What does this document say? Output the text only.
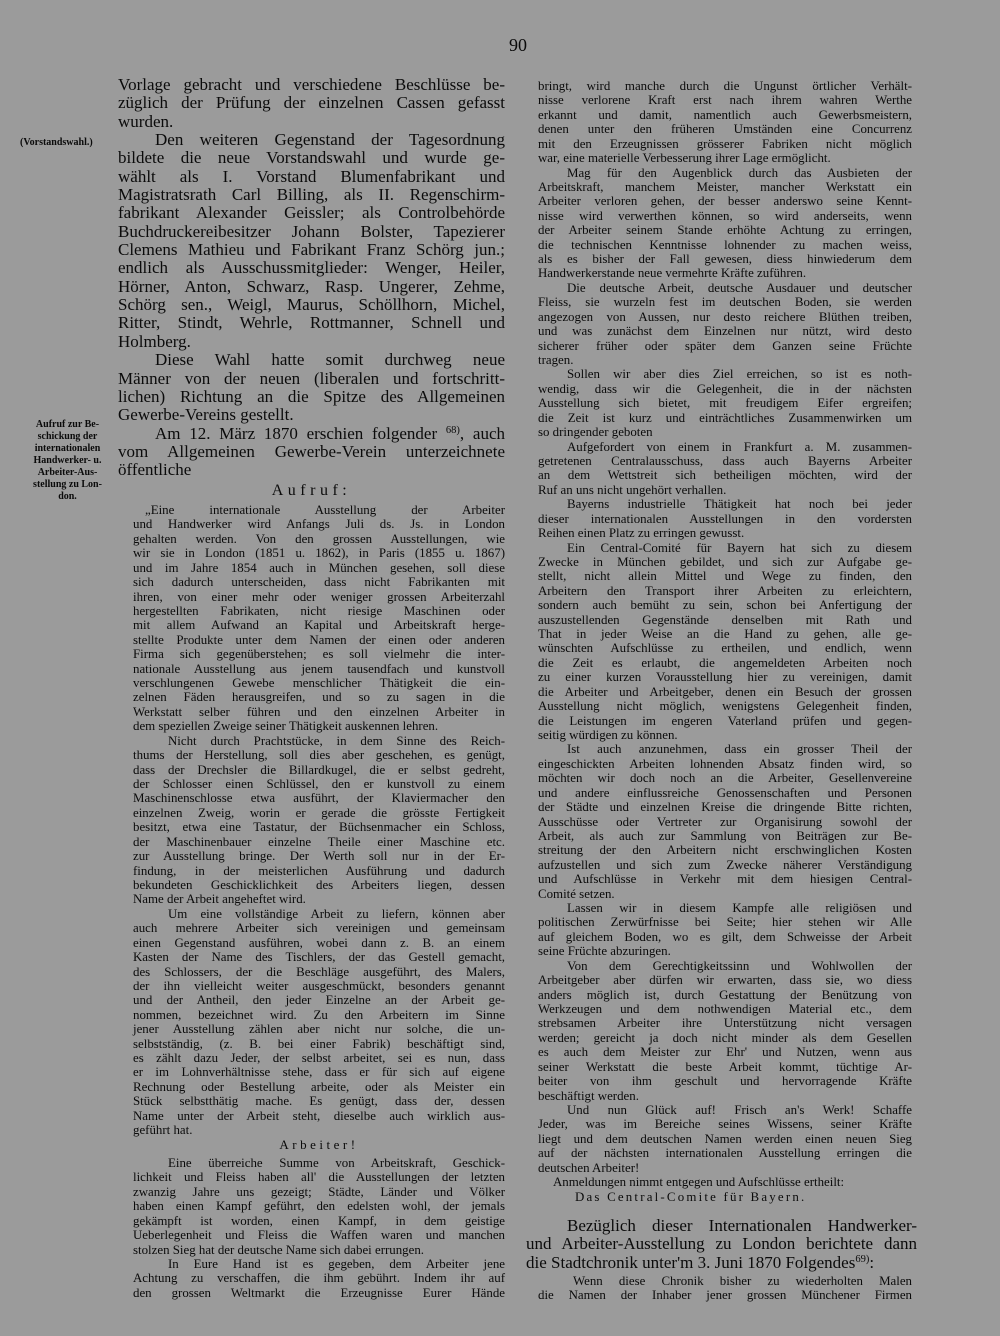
90
(Vorstandswahl.)
Aufruf zur Be-
schickung der
internationalen
Handwerker- u.
Arbeiter-Aus-
stellung zu Lon-
don.
Vorlage gebracht und verschiedene Beschlüsse be-
züglich der Prüfung der einzelnen Cassen gefasst
wurden.
Den weiteren Gegenstand der Tagesordnung
bildete die neue Vorstandswahl und wurde ge-
wählt als I. Vorstand Blumenfabrikant und
Magistratsrath Carl Billing, als II. Regenschirm-
fabrikant Alexander Geissler; als Controlbehörde
Buchdruckereibesitzer Johann Bolster, Tapezierer
Clemens Mathieu und Fabrikant Franz Schörg jun.;
endlich als Ausschussmitglieder: Wenger, Heiler,
Hörner, Anton, Schwarz, Rasp. Ungerer, Zehme,
Schörg sen., Weigl, Maurus, Schöllhorn, Michel,
Ritter, Stindt, Wehrle, Rottmanner, Schnell und
Holmberg.
Diese Wahl hatte somit durchweg neue
Männer von der neuen (liberalen und fortschritt-
lichen) Richtung an die Spitze des Allgemeinen
Gewerbe-Vereins gestellt.
Am 12. März 1870 erschien folgender $^{68)}$, auch
vom Allgemeinen Gewerbe-Verein unterzeichnete
öffentliche
Aufruf:
„Eine internationale Ausstellung der Arbeiter
und Handwerker wird Anfangs Juli ds. Js. in London
gehalten werden. Von den grossen Ausstellungen, wie
wir sie in London (1851 u. 1862), in Paris (1855 u. 1867)
und im Jahre 1854 auch in München gesehen, soll diese
sich dadurch unterscheiden, dass nicht Fabrikanten mit
ihren, von einer mehr oder weniger grossen Arbeiterzahl
hergestellten Fabrikaten, nicht riesige Maschinen oder
mit allem Aufwand an Kapital und Arbeitskraft herge-
stellte Produkte unter dem Namen der einen oder anderen
Firma sich gegenüberstehen; es soll vielmehr die inter-
nationale Ausstellung aus jenem tausendfach und kunstvoll
verschlungenen Gewebe menschlicher Thätigkeit die ein-
zelnen Fäden herausgreifen, und so zu sagen in die
Werkstatt selber führen und den einzelnen Arbeiter in
dem speziellen Zweige seiner Thätigkeit auskennen lehren.
Nicht durch Prachtstücke, in dem Sinne des Reich-
thums der Herstellung, soll dies aber geschehen, es genügt,
dass der Drechsler die Billardkugel, die er selbst gedreht,
der Schlosser einen Schlüssel, den er kunstvoll zu einem
Maschinenschlosse etwa ausführt, der Klaviermacher den
einzelnen Zweig, worin er gerade die grösste Fertigkeit
besitzt, etwa eine Tastatur, der Büchsenmacher ein Schloss,
der Maschinenbauer einzelne Theile einer Maschine etc.
zur Ausstellung bringe. Der Werth soll nur in der Er-
findung, in der meisterlichen Ausführung und dadurch
bekundeten Geschicklichkeit des Arbeiters liegen, dessen
Name der Arbeit angeheftet wird.
Um eine vollständige Arbeit zu liefern, können aber
auch mehrere Arbeiter sich vereinigen und gemeinsam
einen Gegenstand ausführen, wobei dann z. B. an einem
Kasten der Name des Tischlers, der das Gestell gemacht,
des Schlossers, der die Beschläge ausgeführt, des Malers,
der ihn vielleicht weiter ausgeschmückt, besonders genannt
und der Antheil, den jeder Einzelne an der Arbeit ge-
nommen, bezeichnet wird. Zu den Arbeitern im Sinne
jener Ausstellung zählen aber nicht nur solche, die un-
selbstständig, (z. B. bei einer Fabrik) beschäftigt sind,
es zählt dazu Jeder, der selbst arbeitet, sei es nun, dass
er im Lohnverhältnisse stehe, dass er für sich auf eigene
Rechnung oder Bestellung arbeite, oder als Meister ein
Stück selbstthätig mache. Es genügt, dass der, dessen
Name unter der Arbeit steht, dieselbe auch wirklich aus-
geführt hat.
Arbeiter!
Eine überreiche Summe von Arbeitskraft, Geschick-
lichkeit und Fleiss haben all' die Ausstellungen der letzten
zwanzig Jahre uns gezeigt; Städte, Länder und Völker
haben einen Kampf geführt, den edelsten wohl, der jemals
gekämpft ist worden, einen Kampf, in dem geistige
Ueberlegenheit und Fleiss die Waffen waren und manchen
stolzen Sieg hat der deutsche Name sich dabei errungen.
In Eure Hand ist es gegeben, dem Arbeiter jene
Achtung zu verschaffen, die ihm gebührt. Indem ihr auf
den grossen Weltmarkt die Erzeugnisse Eurer Hände
bringt, wird manche durch die Ungunst örtlicher Verhält-
nisse verlorene Kraft erst nach ihrem wahren Werthe
erkannt und damit, namentlich auch Gewerbsmeistern,
denen unter den früheren Umständen eine Concurrenz
mit den Erzeugnissen grösserer Fabriken nicht möglich
war, eine materielle Verbesserung ihrer Lage ermöglicht.
Mag für den Augenblick durch das Ausbieten der
Arbeitskraft, manchem Meister, mancher Werkstatt ein
Arbeiter verloren gehen, der besser anderswo seine Kennt-
nisse wird verwerthen können, so wird anderseits, wenn
der Arbeiter seinem Stande erhöhte Achtung zu erringen,
die technischen Kenntnisse lohnender zu machen weiss,
als es bisher der Fall gewesen, diess hinwiederum dem
Handwerkerstande neue vermehrte Kräfte zuführen.
Die deutsche Arbeit, deutsche Ausdauer und deutscher
Fleiss, sie wurzeln fest im deutschen Boden, sie werden
angezogen von Aussen, nur desto reichere Blüthen treiben,
und was zunächst dem Einzelnen nur nützt, wird desto
sicherer früher oder später dem Ganzen seine Früchte
tragen.
Sollen wir aber dies Ziel erreichen, so ist es noth-
wendig, dass wir die Gelegenheit, die in der nächsten
Ausstellung sich bietet, mit freudigem Eifer ergreifen;
die Zeit ist kurz und einträchtliches Zusammenwirken um
so dringender geboten
Aufgefordert von einem in Frankfurt a. M. zusammen-
getretenen Centralausschuss, dass auch Bayerns Arbeiter
an dem Wettstreit sich betheiligen möchten, wird der
Ruf an uns nicht ungehört verhallen.
Bayerns industrielle Thätigkeit hat noch bei jeder
dieser internationalen Ausstellungen in den vordersten
Reihen einen Platz zu erringen gewusst.
Ein Central-Comité für Bayern hat sich zu diesem
Zwecke in München gebildet, und sich zur Aufgabe ge-
stellt, nicht allein Mittel und Wege zu finden, den
Arbeitern den Transport ihrer Arbeiten zu erleichtern,
sondern auch bemüht zu sein, schon bei Anfertigung der
auszustellenden Gegenstände denselben mit Rath und
That in jeder Weise an die Hand zu gehen, alle ge-
wünschten Aufschlüsse zu ertheilen, und endlich, wenn
die Zeit es erlaubt, die angemeldeten Arbeiten noch
zu einer kurzen Vorausstellung hier zu vereinigen, damit
die Arbeiter und Arbeitgeber, denen ein Besuch der grossen
Ausstellung nicht möglich, wenigstens Gelegenheit finden,
die Leistungen im engeren Vaterland prüfen und gegen-
seitig würdigen zu können.
Ist auch anzunehmen, dass ein grosser Theil der
eingeschickten Arbeiten lohnenden Absatz finden wird, so
möchten wir doch noch an die Arbeiter, Gesellenvereine
und andere einflussreiche Genossenschaften und Personen
der Städte und einzelnen Kreise die dringende Bitte richten,
Ausschüsse oder Vertreter zur Organisirung sowohl der
Arbeit, als auch zur Sammlung von Beiträgen zur Be-
streitung der den Arbeitern nicht erschwinglichen Kosten
aufzustellen und sich zum Zwecke näherer Verständigung
und Aufschlüsse in Verkehr mit dem hiesigen Central-
Comité setzen.
Lassen wir in diesem Kampfe alle religiösen und
politischen Zerwürfnisse bei Seite; hier stehen wir Alle
auf gleichem Boden, wo es gilt, dem Schweisse der Arbeit
seine Früchte abzuringen.
Von dem Gerechtigkeitssinn und Wohlwollen der
Arbeitgeber aber dürfen wir erwarten, dass sie, wo diess
anders möglich ist, durch Gestattung der Benützung von
Werkzeugen und dem nothwendigen Material etc., dem
strebsamen Arbeiter ihre Unterstützung nicht versagen
werden; gereicht ja doch nicht minder als dem Gesellen
es auch dem Meister zur Ehr' und Nutzen, wenn aus
seiner Werkstatt die beste Arbeit kommt, tüchtige Ar-
beiter von ihm geschult und hervorragende Kräfte
beschäftigt werden.
Und nun Glück auf! Frisch an's Werk! Schaffe
Jeder, was im Bereiche seines Wissens, seiner Kräfte
liegt und dem deutschen Namen werden einen neuen Sieg
auf der nächsten internationalen Ausstellung erringen die
deutschen Arbeiter!
Anmeldungen nimmt entgegen und Aufschlüsse ertheilt:
Das Central-Comite für Bayern.
Bezüglich dieser Internationalen Handwerker-
und Arbeiter-Ausstellung zu London berichtete dann
die Stadtchronik unter'm 3. Juni 1870 Folgendes$^{69)}$:
Wenn diese Chronik bisher zu wiederholten Malen
die Namen der Inhaber jener grossen Münchener Firmen
